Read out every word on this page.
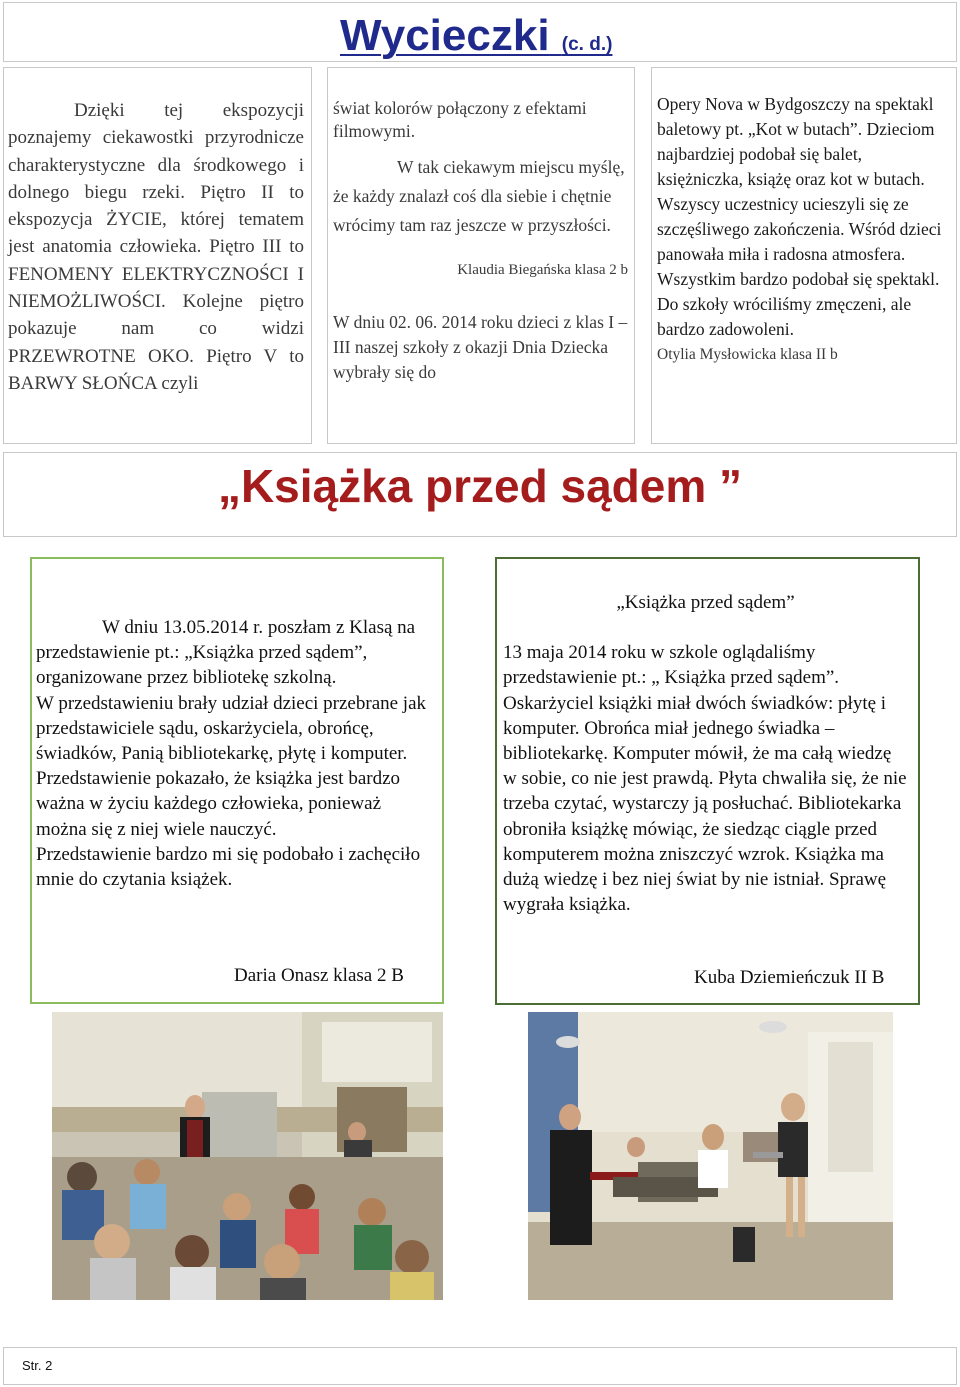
Wycieczki (c. d.)

Dzięki tej ekspozycji poznajemy ciekawostki przyrodnicze charakterystyczne dla środkowego i dolnego biegu rzeki. Piętro II to ekspozycja ŻYCIE, której tematem jest anatomia człowieka. Piętro III to FENOMENY ELEKTRYCZNOŚCI I NIEMOŻLIWOŚCI. Kolejne piętro pokazuje nam co widzi PRZEWROTNE OKO. Piętro V to BARWY SŁOŃCA czyli

świat kolorów połączony z efektami filmowymi.

W tak ciekawym miejscu myślę, że każdy znalazł coś dla siebie i chętnie wrócimy tam raz jeszcze w przyszłości.

Klaudia Biegańska klasa 2 b

W dniu 02. 06. 2014 roku dzieci z klas I – III naszej szkoły z okazji Dnia Dziecka wybrały się do

Opery Nova w Bydgoszczy na spektakl baletowy pt. „Kot w butach”. Dzieciom najbardziej podobał się balet, księżniczka, książę oraz kot w butach. Wszyscy uczestnicy ucieszyli się ze szczęśliwego zakończenia. Wśród dzieci panowała miła i radosna atmosfera. Wszystkim bardzo podobał się spektakl. Do szkoły wróciliśmy zmęczeni, ale bardzo zadowoleni.

Otylia Mysłowicka klasa II b

„Książka przed sądem ”
W dniu 13.05.2014 r. poszłam z Klasą na przedstawienie pt.: „Książka przed sądem”, organizowane przez bibliotekę szkolną.
W przedstawieniu brały udział dzieci przebrane jak przedstawiciele sądu, oskarżyciela, obrońcę, świadków, Panią bibliotekarkę, płytę i komputer.
Przedstawienie pokazało, że książka jest bardzo ważna w życiu każdego człowieka, ponieważ można się z niej wiele nauczyć.
Przedstawienie bardzo mi się podobało i zachęciło mnie do czytania książek.
Daria Onasz klasa 2 B
„Książka przed sądem”
13 maja 2014 roku w szkole oglądaliśmy przedstawienie pt.: „ Książka przed sądem”. Oskarżyciel książki miał dwóch świadków: płytę i komputer. Obrońca miał jednego świadka – bibliotekarkę. Komputer mówił, że ma całą wiedzę w sobie, co nie jest prawdą. Płyta chwaliła się, że nie trzeba czytać, wystarczy ją posłuchać. Bibliotekarka obroniła książkę mówiąc, że siedząc ciągle przed komputerem można zniszczyć wzrok. Książka ma dużą wiedzę i bez niej świat by nie istniał. Sprawę wygrała książka.
Kuba Dziemieńczuk II B
Str. 2
